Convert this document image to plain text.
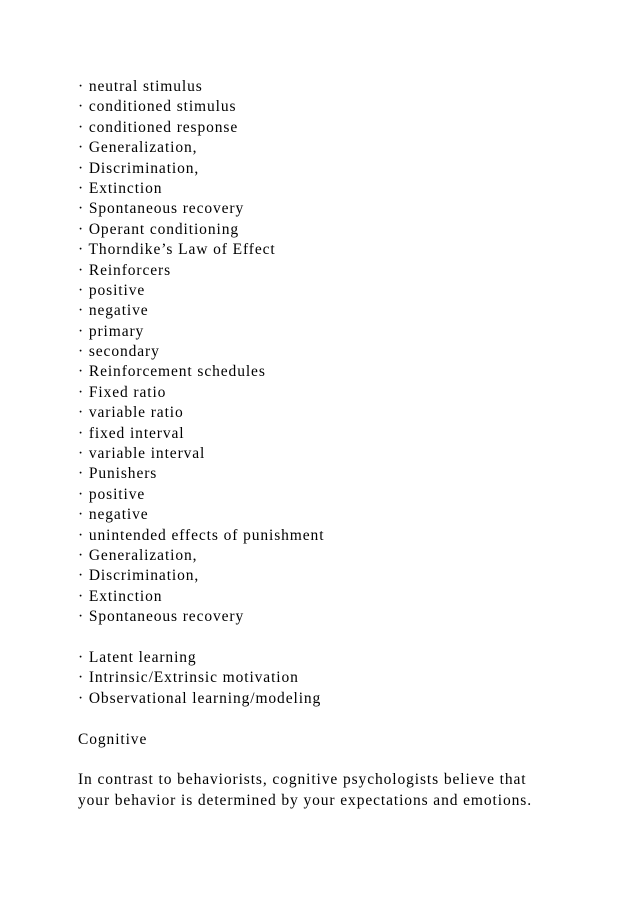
· neutral stimulus
· conditioned stimulus
· conditioned response
· Generalization,
· Discrimination,
· Extinction
· Spontaneous recovery
· Operant conditioning
· Thorndike’s Law of Effect
· Reinforcers
· positive
· negative
· primary
· secondary
· Reinforcement schedules
· Fixed ratio
· variable ratio
· fixed interval
· variable interval
· Punishers
· positive
· negative
· unintended effects of punishment
· Generalization,
· Discrimination,
· Extinction
· Spontaneous recovery
· Latent learning
· Intrinsic/Extrinsic motivation
· Observational learning/modeling
Cognitive
In contrast to behaviorists, cognitive psychologists believe that
your behavior is determined by your expectations and emotions.
